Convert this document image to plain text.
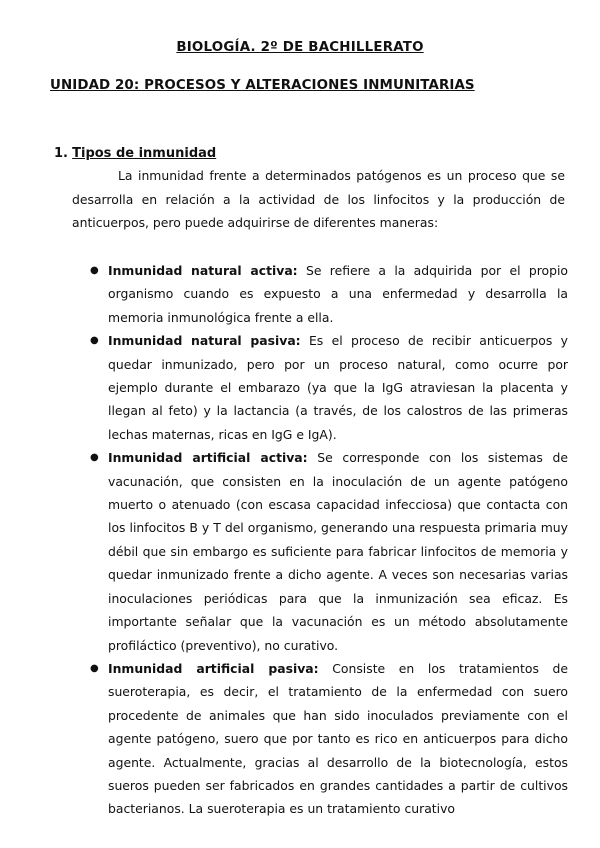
BIOLOGÍA. 2º DE BACHILLERATO
UNIDAD 20: PROCESOS Y ALTERACIONES INMUNITARIAS
1. Tipos de inmunidad

La inmunidad frente a determinados patógenos es un proceso que se desarrolla en relación a la actividad de los linfocitos y la producción de anticuerpos, pero puede adquirirse de diferentes maneras:

● Inmunidad natural activa: Se refiere a la adquirida por el propio organismo cuando es expuesto a una enfermedad y desarrolla la memoria inmunológica frente a ella.
● Inmunidad natural pasiva: Es el proceso de recibir anticuerpos y quedar inmunizado, pero por un proceso natural, como ocurre por ejemplo durante el embarazo (ya que la IgG atraviesan la placenta y llegan al feto) y la lactancia (a través, de los calostros de las primeras lechas maternas, ricas en IgG e IgA).
● Inmunidad artificial activa: Se corresponde con los sistemas de vacunación, que consisten en la inoculación de un agente patógeno muerto o atenuado (con escasa capacidad infecciosa) que contacta con los linfocitos B y T del organismo, generando una respuesta primaria muy débil que sin embargo es suficiente para fabricar linfocitos de memoria y quedar inmunizado frente a dicho agente. A veces son necesarias varias inoculaciones periódicas para que la inmunización sea eficaz. Es importante señalar que la vacunación es un método absolutamente profiláctico (preventivo), no curativo.
● Inmunidad artificial pasiva: Consiste en los tratamientos de sueroterapia, es decir, el tratamiento de la enfermedad con suero procedente de animales que han sido inoculados previamente con el agente patógeno, suero que por tanto es rico en anticuerpos para dicho agente. Actualmente, gracias al desarrollo de la biotecnología, estos sueros pueden ser fabricados en grandes cantidades a partir de cultivos bacterianos. La sueroterapia es un tratamiento curativo
